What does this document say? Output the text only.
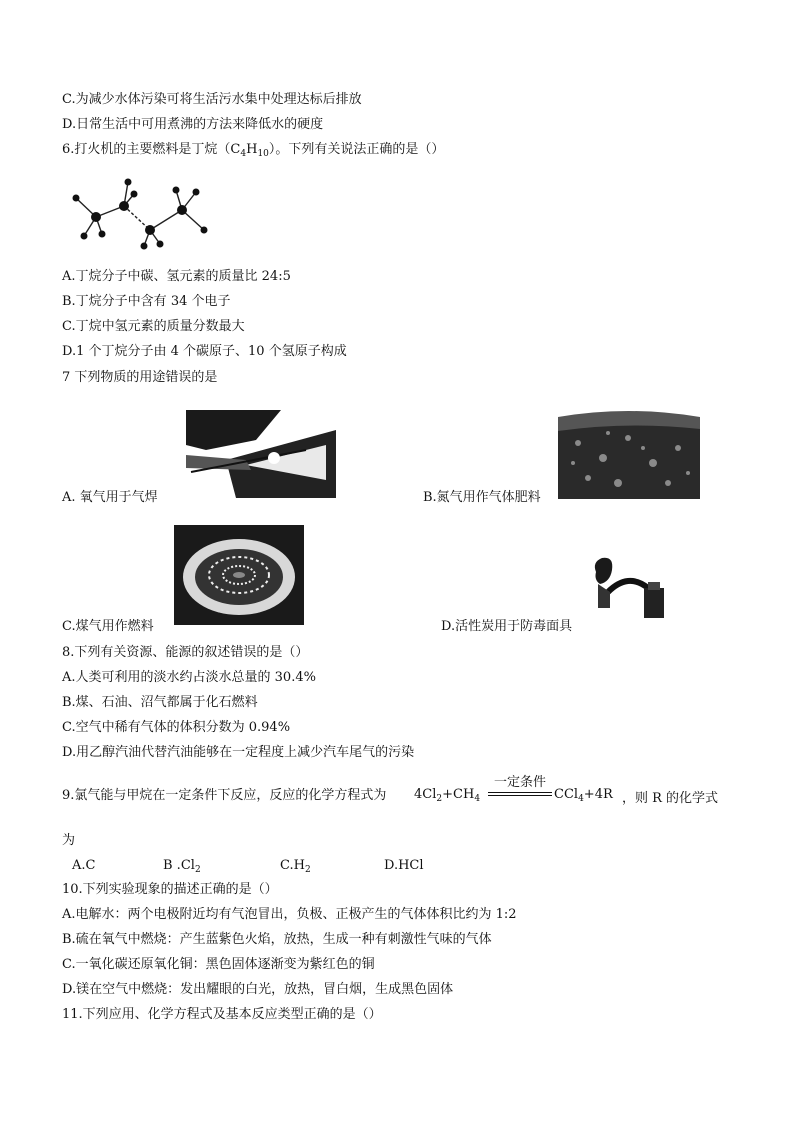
C.为减少水体污染可将生活污水集中处理达标后排放
D.日常生活中可用煮沸的方法来降低水的硬度
6.打火机的主要燃料是丁烷$(C_4H_{10})$。下列有关说法正确的是（）
A.丁烷分子中碳、氢元素的质量比 24:5
B.丁烷分子中含有 34 个电子
C.丁烷中氢元素的质量分数最大
D.1 个丁烷分子由 4 个碳原子、10 个氢原子构成
7 下列物质的用途错误的是
A. 氧气用于气焊	B.氮气用作气体肥料
C.煤气用作燃料	D.活性炭用于防毒面具
8.下列有关资源、能源的叙述错误的是（）
A.人类可利用的淡水约占淡水总量的 30.4%
B.煤、石油、沼气都属于化石燃料
C.空气中稀有气体的体积分数为 0.94%
D.用乙醇汽油代替汽油能够在一定程度上减少汽车尾气的污染
9.氯气能与甲烷在一定条件下反应，反应的化学方程式为 $4Cl_2+CH_4$
一定条件
CCl$_4$+4R ，则 R 的化学式
为
A.C	B $.Cl_2$	$C.H_2$	D.HCl
10.下列实验现象的描述正确的是（）
A.电解水：两个电极附近均有气泡冒出，负极、正极产生的气体体积比约为 1:2
B.硫在氧气中燃烧：产生蓝紫色火焰，放热，生成一种有刺激性气味的气体
C.一氧化碳还原氧化铜：黑色固体逐渐变为紫红色的铜
D.镁在空气中燃烧：发出耀眼的白光，放热，冒白烟，生成黑色固体
11.下列应用、化学方程式及基本反应类型正确的是（）
